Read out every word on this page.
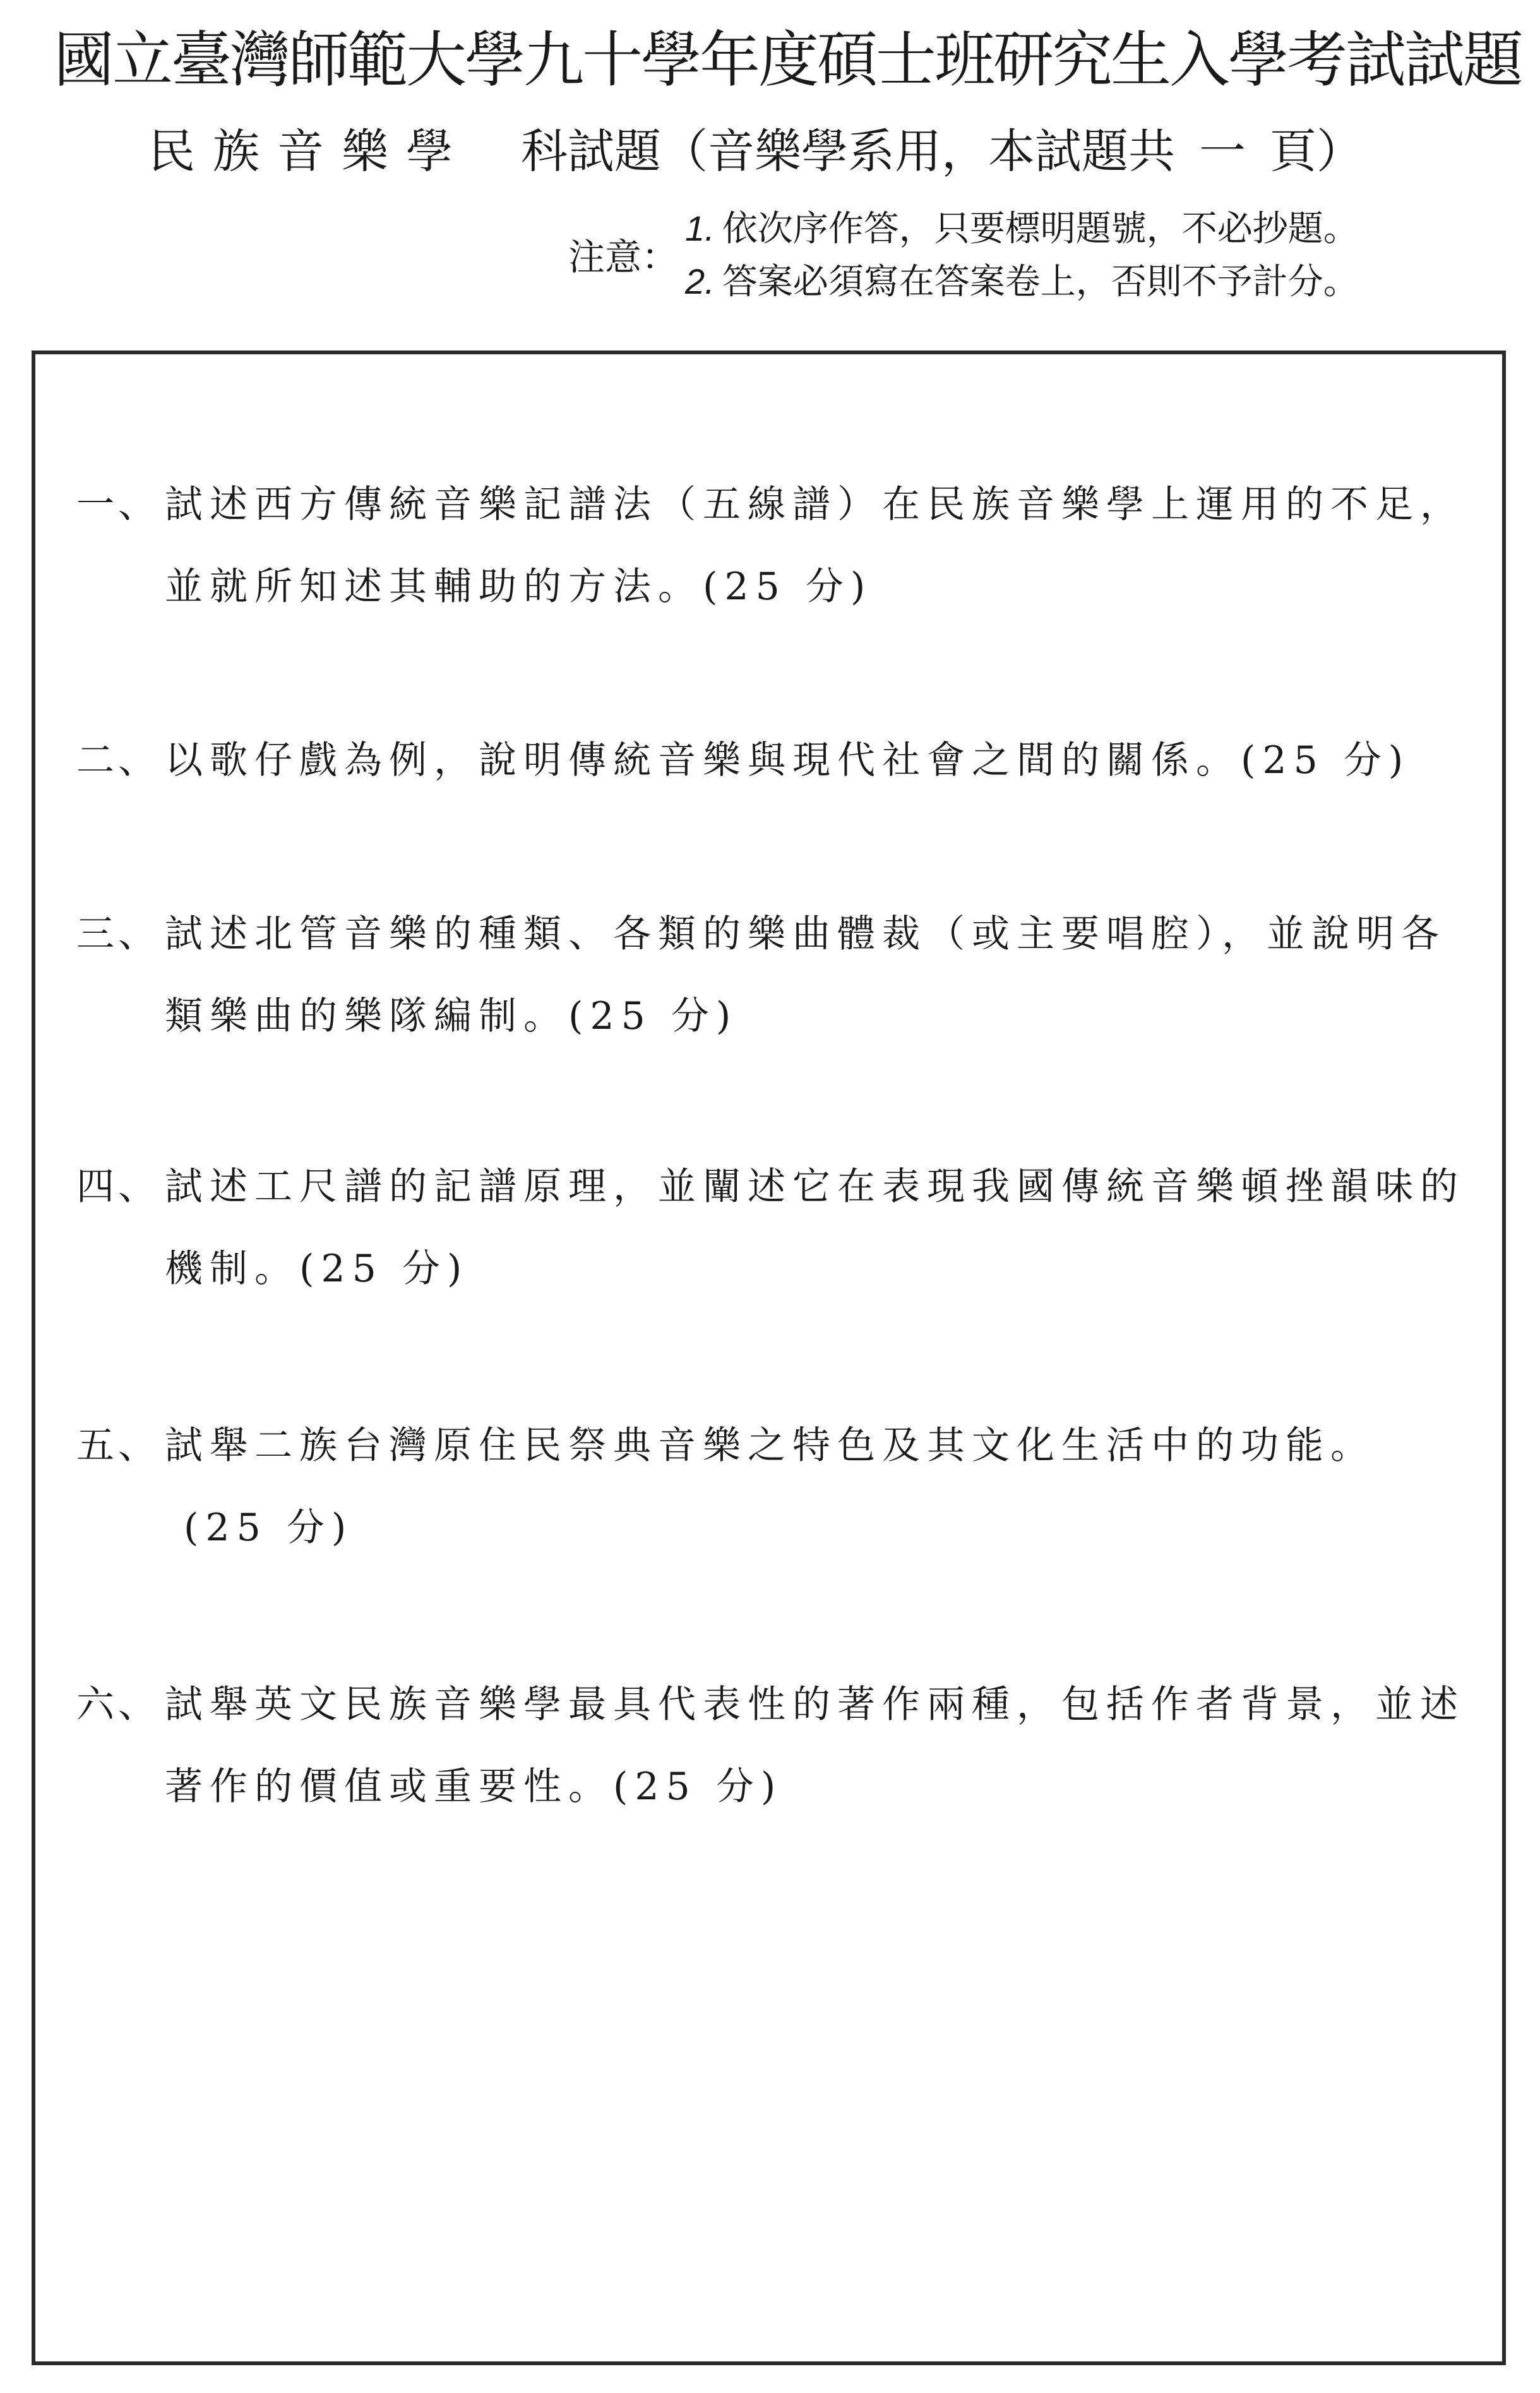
國立臺灣師範大學九十學年度碩士班研究生入學考試試題
民族音樂學 科試題（音樂學系用，本試題共 一 頁）
注意：
1. 依次序作答，只要標明題號，不必抄題。
2. 答案必須寫在答案卷上，否則不予計分。
一、 試述西方傳統音樂記譜法（五線譜）在民族音樂學上運用的不足，
並就所知述其輔助的方法。(25 分)
二、 以歌仔戲為例，說明傳統音樂與現代社會之間的關係。(25 分)
三、 試述北管音樂的種類、各類的樂曲體裁（或主要唱腔），並說明各
類樂曲的樂隊編制。(25 分)
四、 試述工尺譜的記譜原理，並闡述它在表現我國傳統音樂頓挫韻味的
機制。(25 分)
五、 試舉二族台灣原住民祭典音樂之特色及其文化生活中的功能。
(25 分)
六、 試舉英文民族音樂學最具代表性的著作兩種，包括作者背景，並述
著作的價值或重要性。(25 分)
